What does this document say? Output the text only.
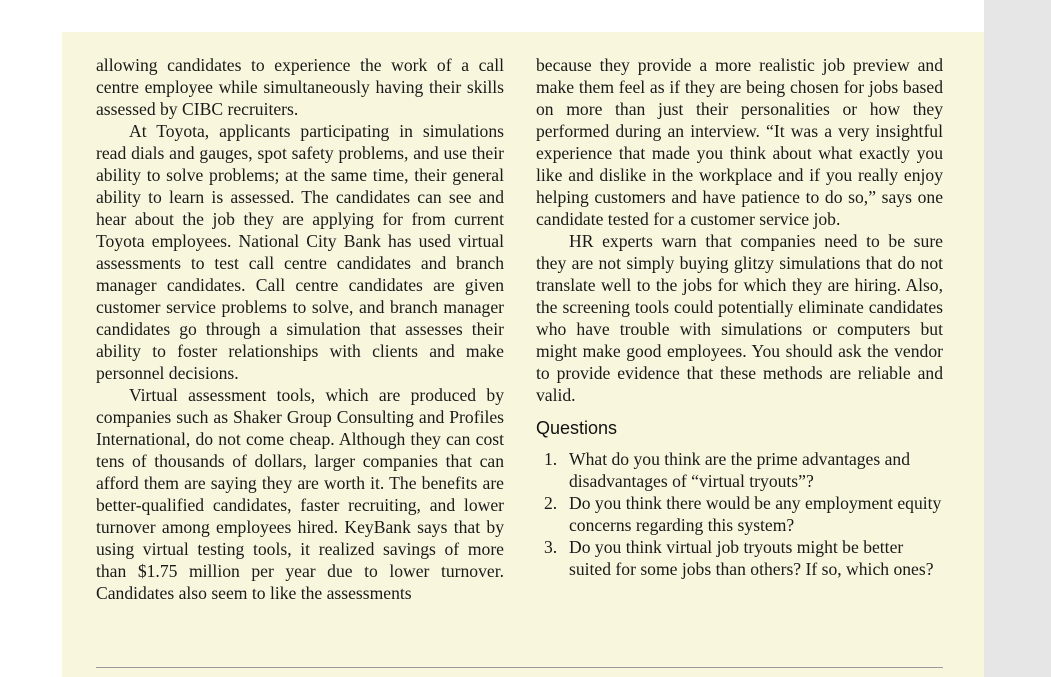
allowing candidates to experience the work of a call centre employee while simultaneously having their skills assessed by CIBC recruiters.

At Toyota, applicants participating in simulations read dials and gauges, spot safety problems, and use their ability to solve problems; at the same time, their general ability to learn is assessed. The candidates can see and hear about the job they are applying for from current Toyota employees. National City Bank has used virtual assessments to test call centre candidates and branch manager candidates. Call centre candidates are given customer service problems to solve, and branch manager candidates go through a simulation that assesses their ability to foster relationships with clients and make personnel decisions.

Virtual assessment tools, which are produced by companies such as Shaker Group Consulting and Profiles International, do not come cheap. Although they can cost tens of thousands of dollars, larger companies that can afford them are saying they are worth it. The benefits are better-qualified candidates, faster recruiting, and lower turnover among employees hired. KeyBank says that by using virtual testing tools, it realized savings of more than $1.75 million per year due to lower turnover. Candidates also seem to like the assessments

because they provide a more realistic job preview and make them feel as if they are being chosen for jobs based on more than just their personalities or how they performed during an interview. “It was a very insightful experience that made you think about what exactly you like and dislike in the workplace and if you really enjoy helping customers and have patience to do so,” says one candidate tested for a customer service job.

HR experts warn that companies need to be sure they are not simply buying glitzy simulations that do not translate well to the jobs for which they are hiring. Also, the screening tools could potentially eliminate candidates who have trouble with simulations or computers but might make good employees. You should ask the vendor to provide evidence that these methods are reliable and valid.

Questions
1. What do you think are the prime advantages and disadvantages of “virtual tryouts”?
2. Do you think there would be any employment equity concerns regarding this system?
3. Do you think virtual job tryouts might be better suited for some jobs than others? If so, which ones?
